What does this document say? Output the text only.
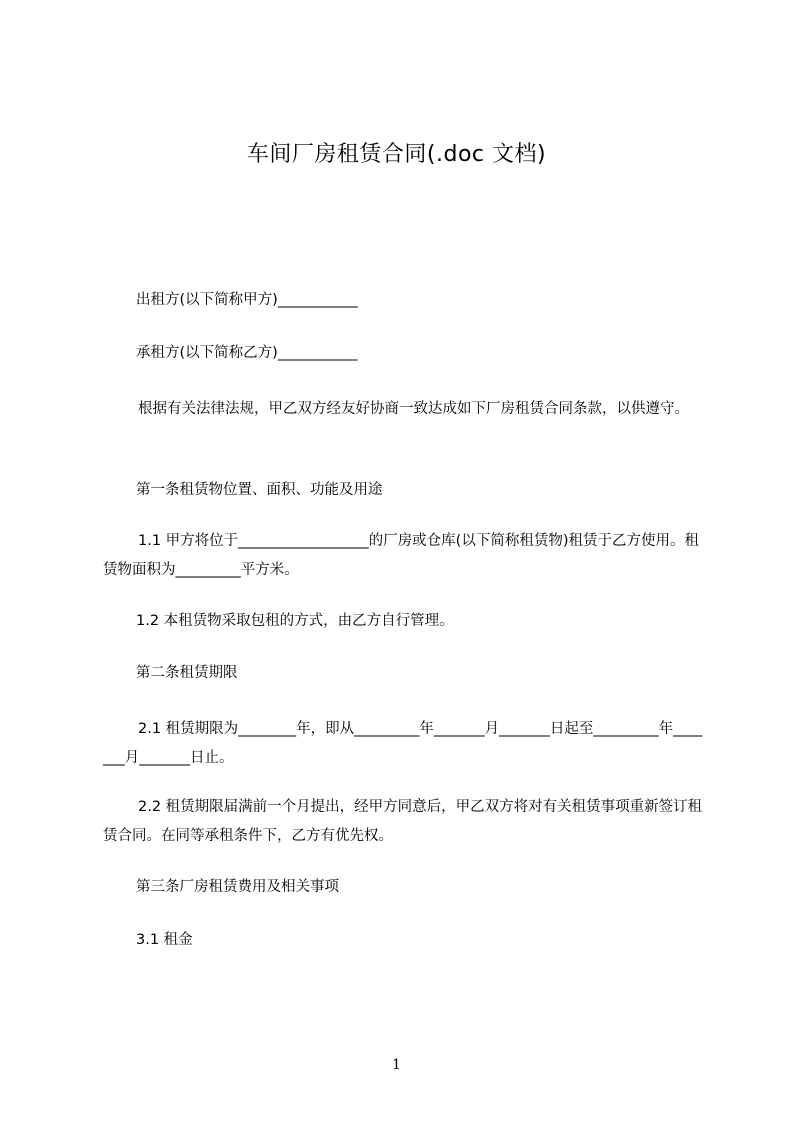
车间厂房租赁合同(.doc 文档)
出租方(以下简称甲方)___________
承租方(以下简称乙方)___________
根据有关法律法规，甲乙双方经友好协商一致达成如下厂房租赁合同条款，以供遵守。
第一条租赁物位置、面积、功能及用途
1.1 甲方将位于__________________的厂房或仓库(以下简称租赁物)租赁于乙方使用。租赁物面积为_________平方米。
1.2 本租赁物采取包租的方式，由乙方自行管理。
第二条租赁期限
2.1 租赁期限为________年，即从_________年_______月_______日起至_________年_______月_______日止。
2.2 租赁期限届满前一个月提出，经甲方同意后，甲乙双方将对有关租赁事项重新签订租赁合同。在同等承租条件下，乙方有优先权。
第三条厂房租赁费用及相关事项
3.1 租金
1
